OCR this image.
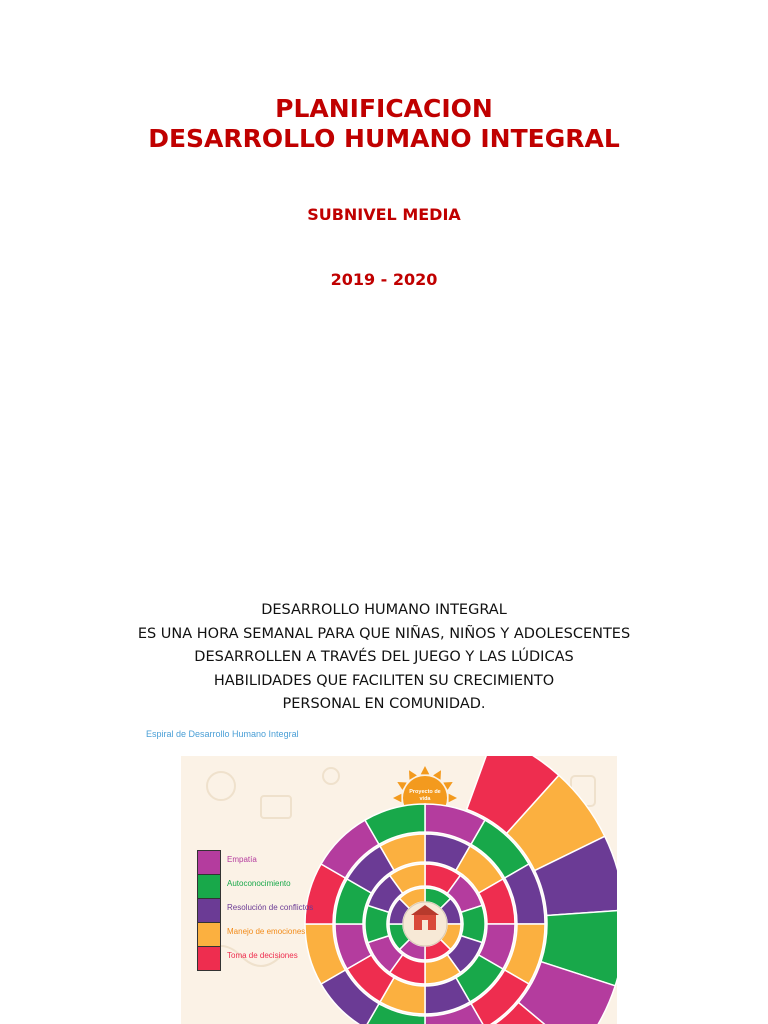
PLANIFICACION
DESARROLLO HUMANO INTEGRAL

SUBNIVEL MEDIA

2019 - 2020

DESARROLLO HUMANO INTEGRAL
ES UNA HORA SEMANAL PARA QUE NIÑAS, NIÑOS Y ADOLESCENTES
DESARROLLEN A TRAVÉS DEL JUEGO Y LAS LÚDICAS
HABILIDADES QUE FACILITEN SU CRECIMIENTO
PERSONAL EN COMUNIDAD.
Espiral de Desarrollo Humano Integral
Proyecto de vida
Empatía
Autoconocimiento
Resolución de conflictos
Manejo de emociones
Toma de decisiones
